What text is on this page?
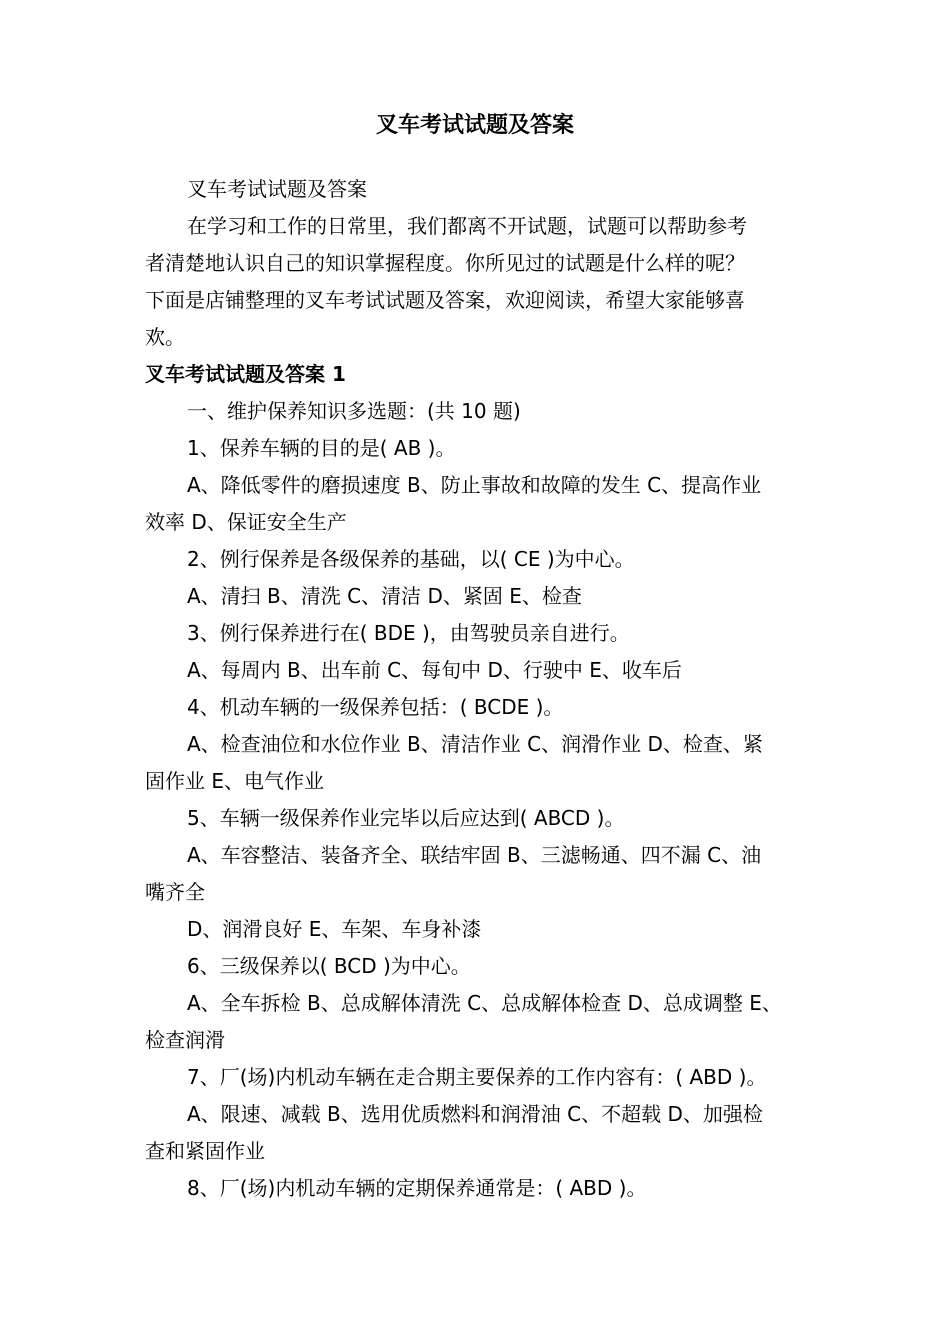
叉车考试试题及答案
叉车考试试题及答案
在学习和工作的日常里，我们都离不开试题，试题可以帮助参考
者清楚地认识自己的知识掌握程度。你所见过的试题是什么样的呢？
下面是店铺整理的叉车考试试题及答案，欢迎阅读，希望大家能够喜
欢。
叉车考试试题及答案 1
一、维护保养知识多选题：(共 10 题)
1、保养车辆的目的是( AB )。
A、降低零件的磨损速度 B、防止事故和故障的发生 C、提高作业
效率 D、保证安全生产
2、例行保养是各级保养的基础，以( CE )为中心。
A、清扫 B、清洗 C、清洁 D、紧固 E、检查
3、例行保养进行在( BDE )，由驾驶员亲自进行。
A、每周内 B、出车前 C、每旬中 D、行驶中 E、收车后
4、机动车辆的一级保养包括：( BCDE )。
A、检查油位和水位作业 B、清洁作业 C、润滑作业 D、检查、紧
固作业 E、电气作业
5、车辆一级保养作业完毕以后应达到( ABCD )。
A、车容整洁、装备齐全、联结牢固 B、三滤畅通、四不漏 C、油
嘴齐全
D、润滑良好 E、车架、车身补漆
6、三级保养以( BCD )为中心。
A、全车拆检 B、总成解体清洗 C、总成解体检查 D、总成调整 E、
检查润滑
7、厂(场)内机动车辆在走合期主要保养的工作内容有：( ABD )。
A、限速、减载 B、选用优质燃料和润滑油 C、不超载 D、加强检
查和紧固作业
8、厂(场)内机动车辆的定期保养通常是：( ABD )。
